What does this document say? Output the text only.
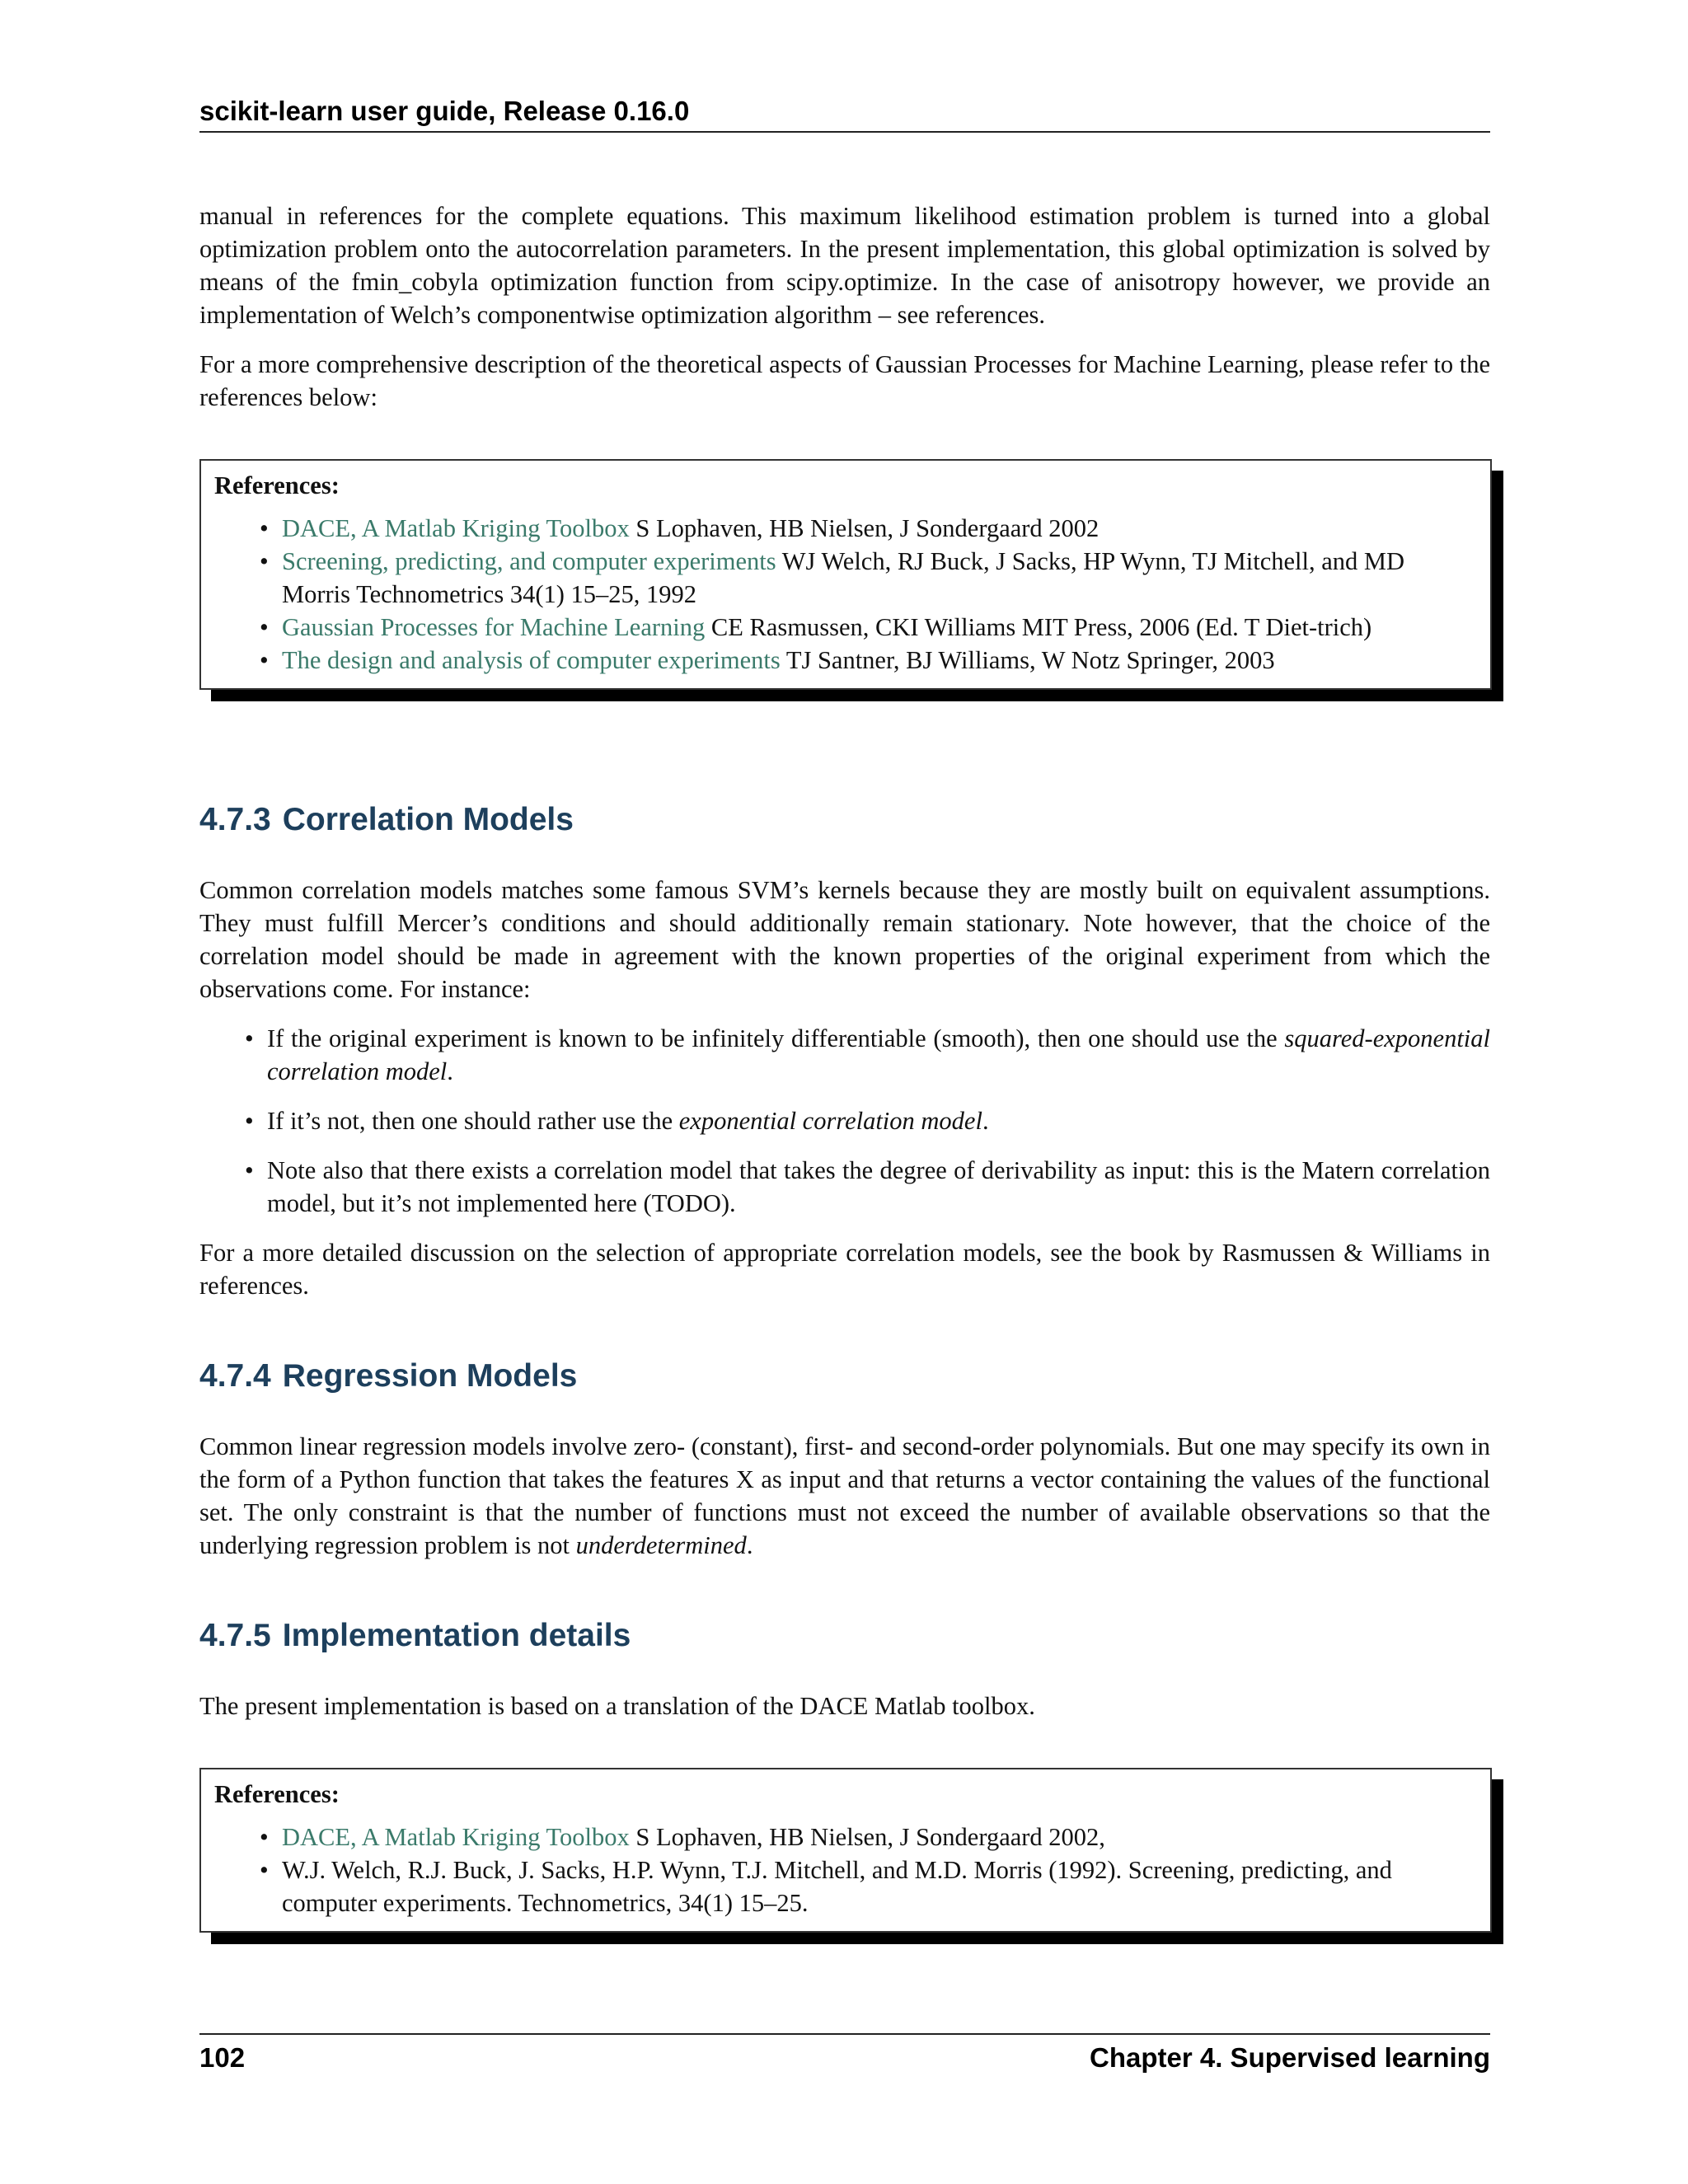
scikit-learn user guide, Release 0.16.0

manual in references for the complete equations. This maximum likelihood estimation problem is turned into a global optimization problem onto the autocorrelation parameters. In the present implementation, this global optimization is solved by means of the fmin_cobyla optimization function from scipy.optimize. In the case of anisotropy however, we provide an implementation of Welch’s componentwise optimization algorithm – see references.

For a more comprehensive description of the theoretical aspects of Gaussian Processes for Machine Learning, please refer to the references below:

References:
• DACE, A Matlab Kriging Toolbox S Lophaven, HB Nielsen, J Sondergaard 2002
• Screening, predicting, and computer experiments WJ Welch, RJ Buck, J Sacks, HP Wynn, TJ Mitchell, and MD Morris Technometrics 34(1) 15–25, 1992
• Gaussian Processes for Machine Learning CE Rasmussen, CKI Williams MIT Press, 2006 (Ed. T Diet-trich)
• The design and analysis of computer experiments TJ Santner, BJ Williams, W Notz Springer, 2003
4.7.3 Correlation Models

Common correlation models matches some famous SVM’s kernels because they are mostly built on equivalent assumptions. They must fulfill Mercer’s conditions and should additionally remain stationary. Note however, that the choice of the correlation model should be made in agreement with the known properties of the original experiment from which the observations come. For instance:

• If the original experiment is known to be infinitely differentiable (smooth), then one should use the squared-exponential correlation model.
• If it’s not, then one should rather use the exponential correlation model.
• Note also that there exists a correlation model that takes the degree of derivability as input: this is the Matern correlation model, but it’s not implemented here (TODO).

For a more detailed discussion on the selection of appropriate correlation models, see the book by Rasmussen & Williams in references.

4.7.4 Regression Models

Common linear regression models involve zero- (constant), first- and second-order polynomials. But one may specify its own in the form of a Python function that takes the features X as input and that returns a vector containing the values of the functional set. The only constraint is that the number of functions must not exceed the number of available observations so that the underlying regression problem is not underdetermined.

4.7.5 Implementation details

The present implementation is based on a translation of the DACE Matlab toolbox.

References:
• DACE, A Matlab Kriging Toolbox S Lophaven, HB Nielsen, J Sondergaard 2002,
• W.J. Welch, R.J. Buck, J. Sacks, H.P. Wynn, T.J. Mitchell, and M.D. Morris (1992). Screening, predicting, and computer experiments. Technometrics, 34(1) 15–25.
102	Chapter 4. Supervised learning
